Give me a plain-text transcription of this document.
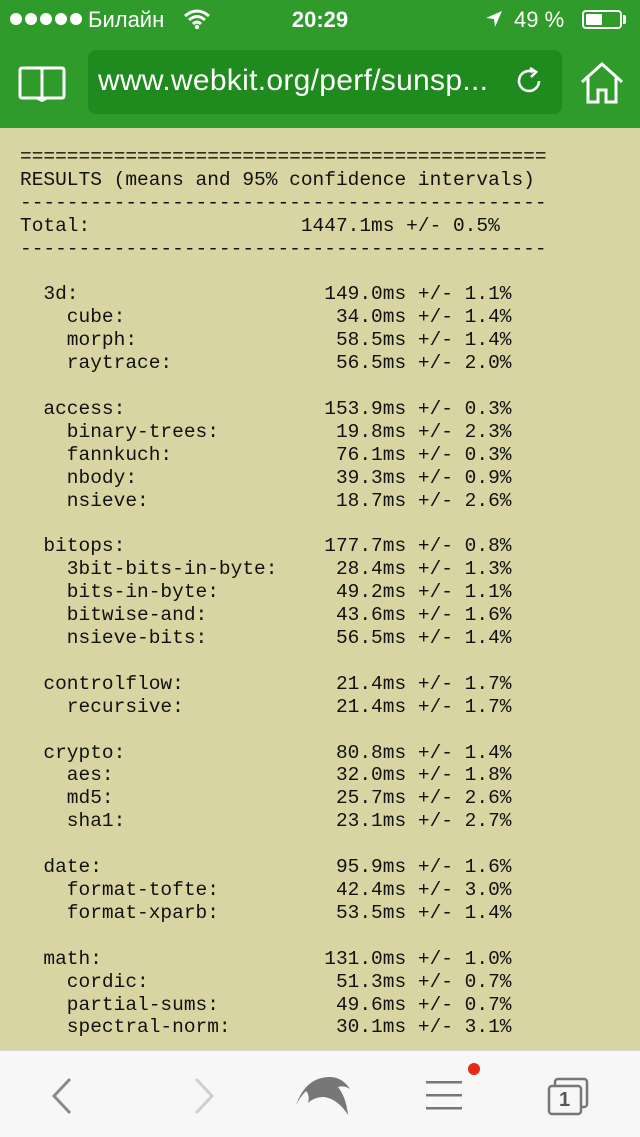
Билайн	20:29	49 %
www.webkit.org/perf/sunsp...
=============================================
RESULTS (means and 95% confidence intervals)
---------------------------------------------
Total:                  1447.1ms +/- 0.5%
---------------------------------------------

3d:                     149.0ms +/- 1.1%
cube:                  34.0ms +/- 1.4%
morph:                 58.5ms +/- 1.4%
raytrace:              56.5ms +/- 2.0%

access:                 153.9ms +/- 0.3%
binary-trees:          19.8ms +/- 2.3%
fannkuch:              76.1ms +/- 0.3%
nbody:                 39.3ms +/- 0.9%
nsieve:                18.7ms +/- 2.6%

bitops:                 177.7ms +/- 0.8%
3bit-bits-in-byte:     28.4ms +/- 1.3%
bits-in-byte:          49.2ms +/- 1.1%
bitwise-and:           43.6ms +/- 1.6%
nsieve-bits:           56.5ms +/- 1.4%

controlflow:             21.4ms +/- 1.7%
recursive:             21.4ms +/- 1.7%

crypto:                  80.8ms +/- 1.4%
aes:                   32.0ms +/- 1.8%
md5:                   25.7ms +/- 2.6%
sha1:                  23.1ms +/- 2.7%

date:                    95.9ms +/- 1.6%
format-tofte:          42.4ms +/- 3.0%
format-xparb:          53.5ms +/- 1.4%

math:                   131.0ms +/- 1.0%
cordic:                51.3ms +/- 0.7%
partial-sums:          49.6ms +/- 0.7%
spectral-norm:         30.1ms +/- 3.1%

1
